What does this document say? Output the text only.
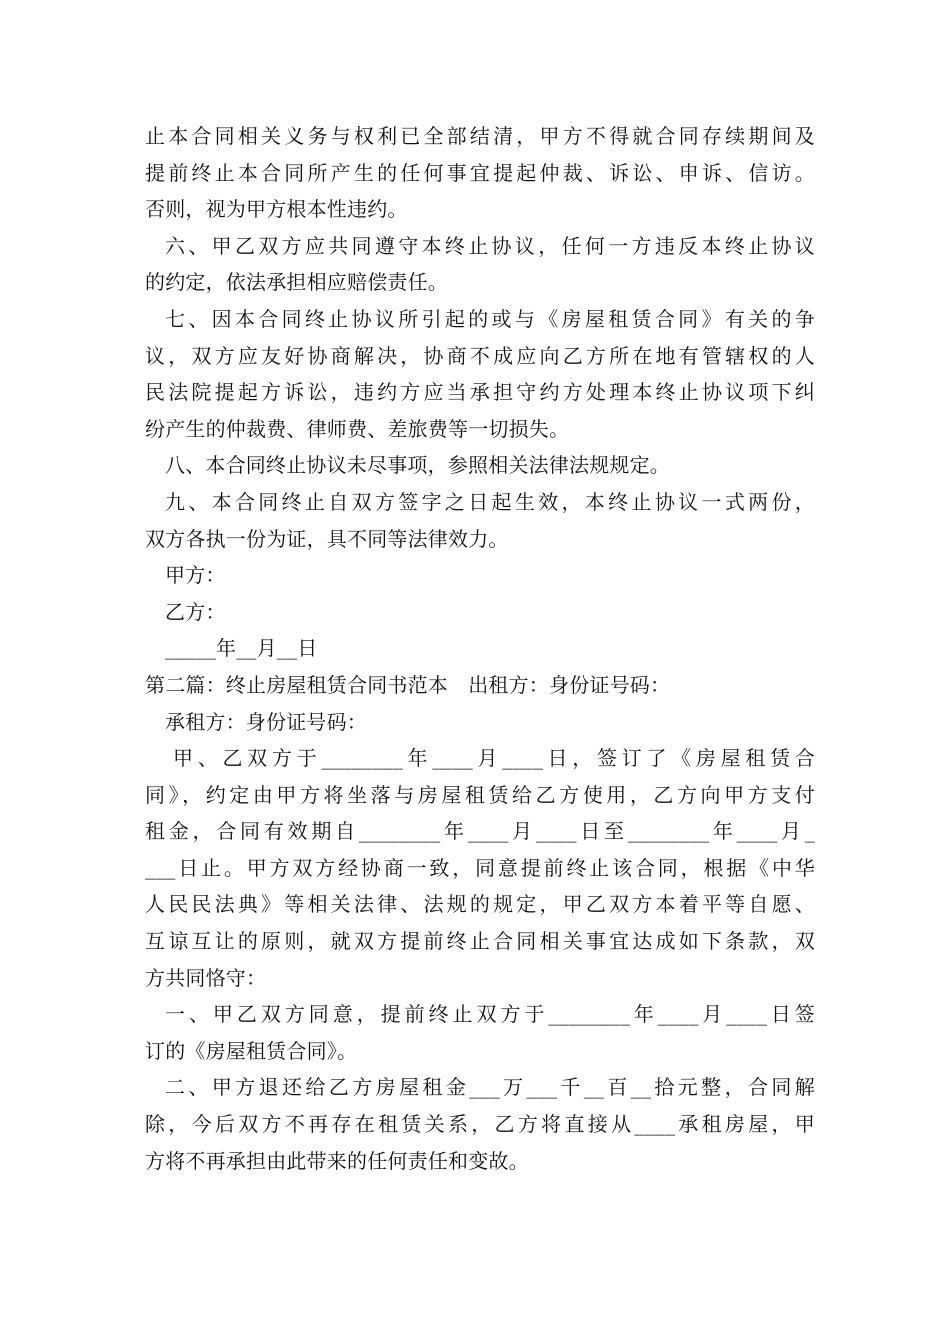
止本合同相关义务与权利已全部结清，甲方不得就合同存续期间及
提前终止本合同所产生的任何事宜提起仲裁、诉讼、申诉、信访。
否则，视为甲方根本性违约。
六、甲乙双方应共同遵守本终止协议，任何一方违反本终止协议
的约定，依法承担相应赔偿责任。
七、因本合同终止协议所引起的或与《房屋租赁合同》有关的争
议，双方应友好协商解决，协商不成应向乙方所在地有管辖权的人
民法院提起方诉讼，违约方应当承担守约方处理本终止协议项下纠
纷产生的仲裁费、律师费、差旅费等一切损失。
八、本合同终止协议未尽事项，参照相关法律法规规定。
九、本合同终止自双方签字之日起生效，本终止协议一式两份，
双方各执一份为证，具不同等法律效力。
甲方：
乙方：
_____年__月__日
第二篇：终止房屋租赁合同书范本　出租方：身份证号码：
承租方：身份证号码：
甲、乙双方于________年____月____日，签订了《房屋租赁合
同》，约定由甲方将坐落与房屋租赁给乙方使用，乙方向甲方支付
租金，合同有效期自________年____月____日至________年____月_
___日止。甲方双方经协商一致，同意提前终止该合同，根据《中华
人民民法典》等相关法律、法规的规定，甲乙双方本着平等自愿、
互谅互让的原则，就双方提前终止合同相关事宜达成如下条款，双
方共同恪守：
一、甲乙双方同意，提前终止双方于________年____月____日签
订的《房屋租赁合同》。
二、甲方退还给乙方房屋租金___万___千__百__拾元整，合同解
除，今后双方不再存在租赁关系，乙方将直接从____承租房屋，甲
方将不再承担由此带来的任何责任和变故。
